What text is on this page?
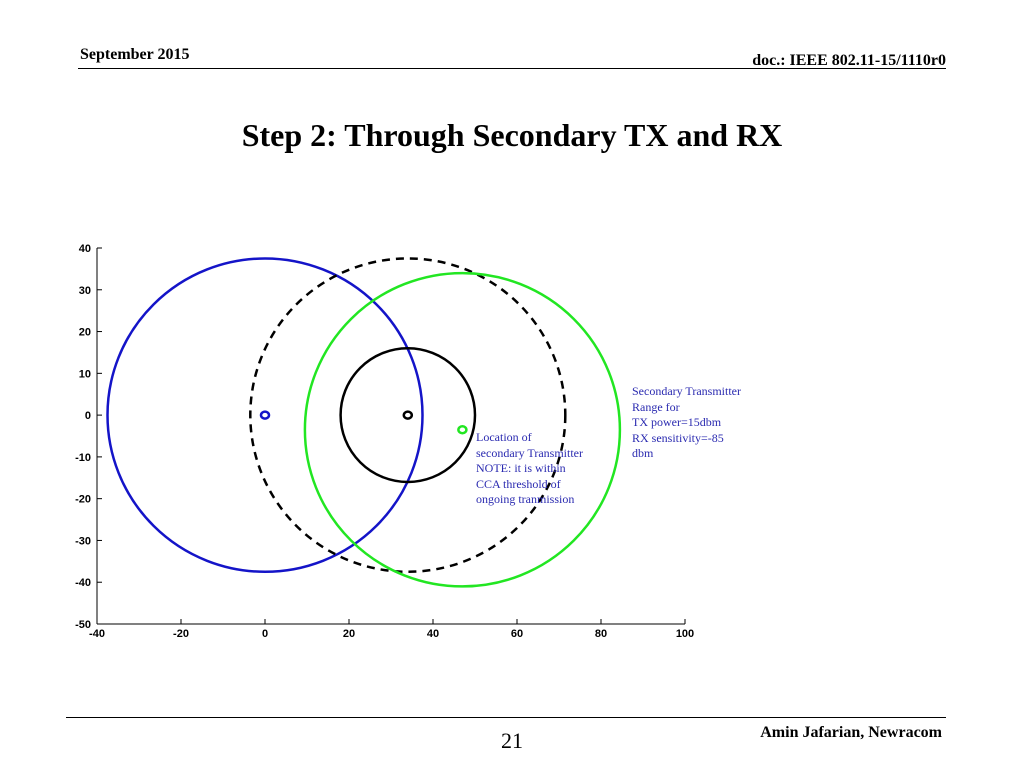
September 2015	doc.: IEEE 802.11-15/1110r0
Step 2: Through Secondary TX and RX
-40	-20	0	20	40	60	80	100
40
30
20
10
0
-10
-20
-30
-40
-50
Secondary Transmitter
Range for
TX power=15dbm
RX sensitivity=-85
dbm
Location of
secondary Transmitter
NOTE: it is within
CCA threshold of
ongoing tranmission
21	Amin Jafarian, Newracom
